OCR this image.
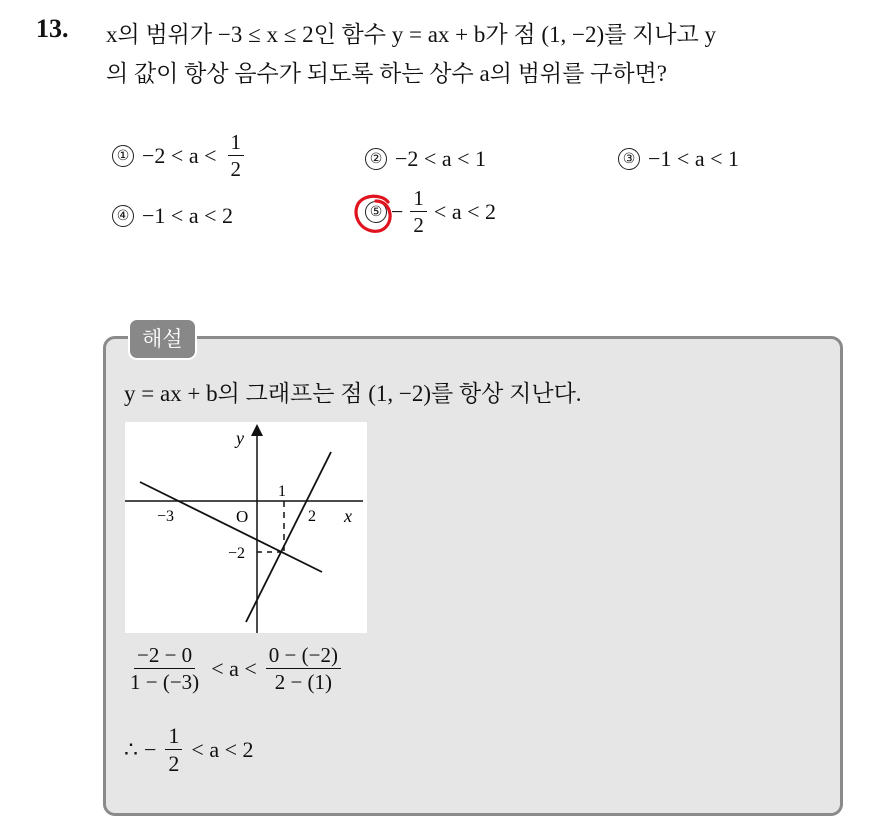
13. x의 범위가 −3 ≤ x ≤ 2인 함수 y = ax + b가 점 (1, −2)를 지나고 y
의 값이 항상 음수가 되도록 하는 상수 a의 범위를 구하면?
① $-2 < a < \frac{1}{2}$	② −2 < a < 1	③ −1 < a < 1
④ −1 < a < 2	⑤ − $\frac{1}{2} < a < 2$
해설
y = ax + b의 그래프는 점 (1, −2)를 항상 지난다.
y
x
O
−3
1
2
−2
$\frac{-2 - 0}{1 - (-3)} < a < \frac{0 - (-2)}{2 - (1)}$
∴ − $\frac{1}{2} < a < 2$
